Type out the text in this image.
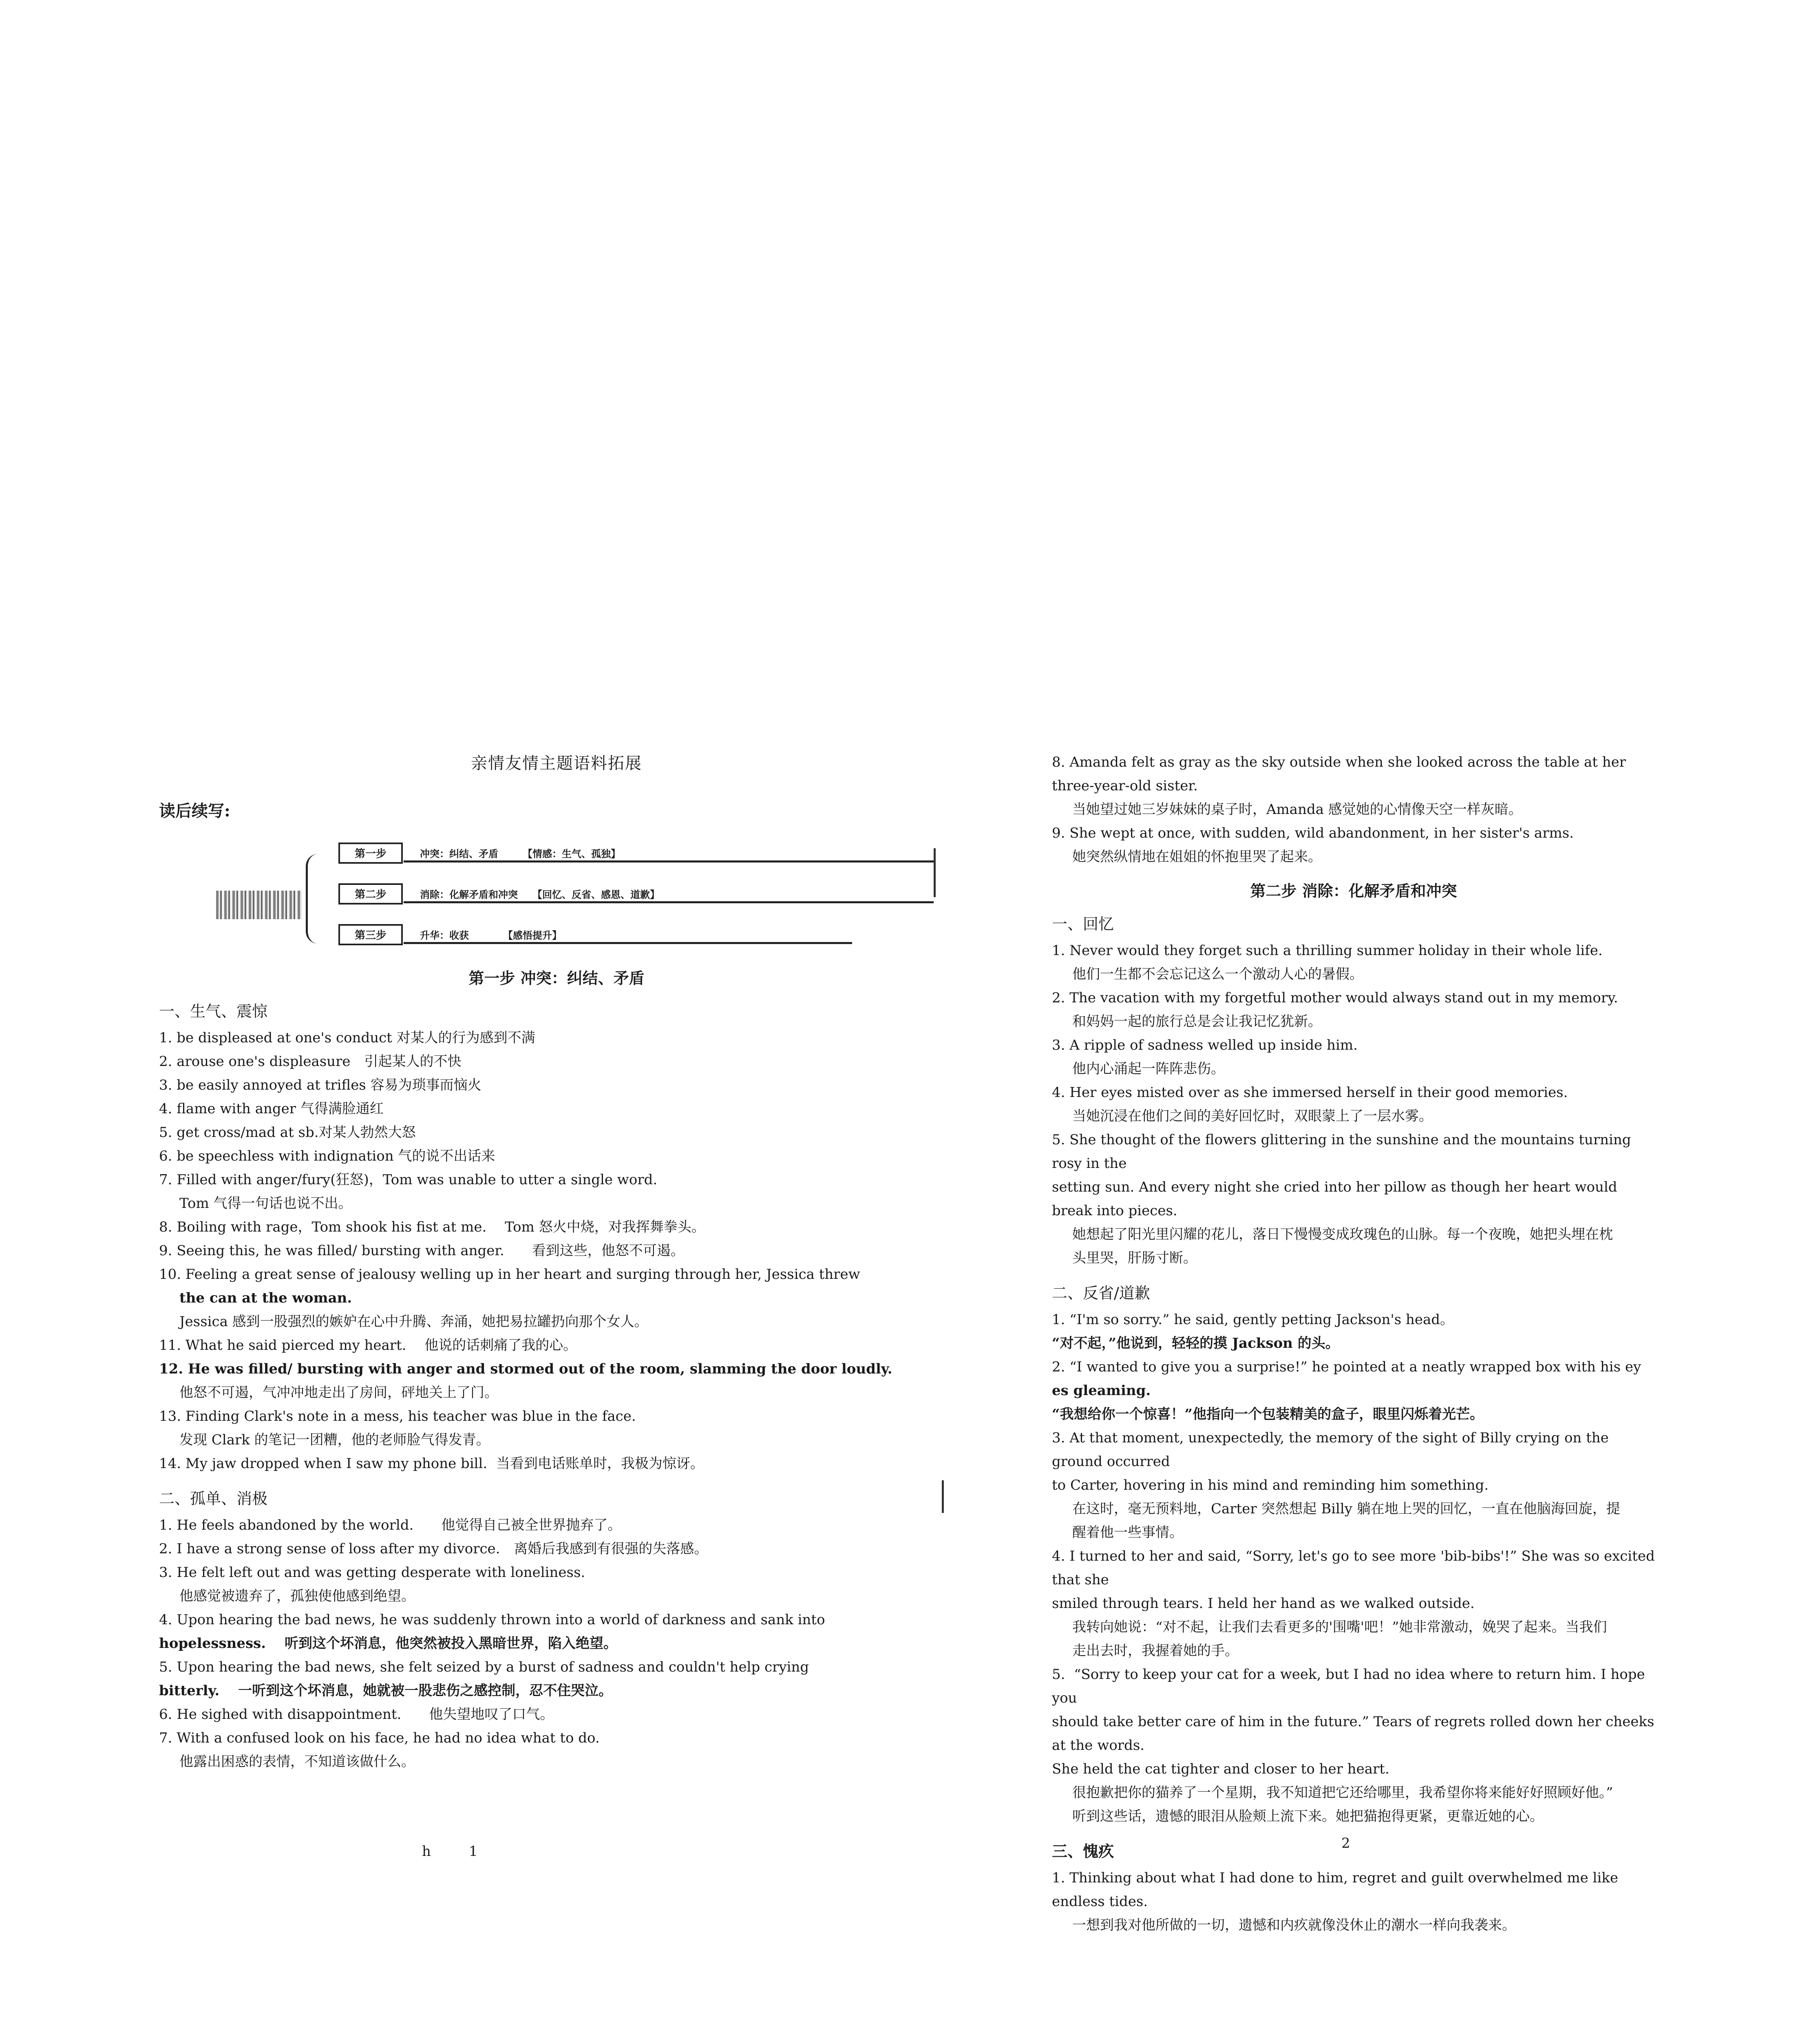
亲情友情主题语料拓展
读后续写:
第一步	冲突：纠结、矛盾　　　【情感：生气、孤独】
第二步	消除：化解矛盾和冲突　　【回忆、反省、感恩、道歉】
第三步	升华：收获　　　　【感悟提升】
第一步 冲突：纠结、矛盾
一、生气、震惊

1. be displeased at one's conduct 对某人的行为感到不满

2. arouse one's displeasure　引起某人的不快

3. be easily annoyed at trifles 容易为琐事而恼火

4. flame with anger 气得满脸通红

5. get cross/mad at sb.对某人勃然大怒

6. be speechless with indignation 气的说不出话来

7. Filled with anger/fury(狂怒)，Tom was unable to utter a single word.

Tom 气得一句话也说不出。

8. Boiling with rage，Tom shook his fist at me.　 Tom 怒火中烧，对我挥舞拳头。

9. Seeing this, he was filled/ bursting with anger.　　看到这些，他怒不可遏。

10. Feeling a great sense of jealousy welling up in her heart and surging through her, Jessica threw

the can at the woman.

Jessica 感到一股强烈的嫉妒在心中升腾、奔涌，她把易拉罐扔向那个女人。

11. What he said pierced my heart.　 他说的话刺痛了我的心。

12. He was filled/ bursting with anger and stormed out of the room, slamming the door loudly.

他怒不可遏，气冲冲地走出了房间，砰地关上了门。

13. Finding Clark's note in a mess, his teacher was blue in the face.

发现 Clark 的笔记一团糟，他的老师脸气得发青。

14. My jaw dropped when I saw my phone bill.  当看到电话账单时，我极为惊讶。

二、孤单、消极

1. He feels abandoned by the world.　　他觉得自己被全世界抛弃了。

2. I have a strong sense of loss after my divorce.　离婚后我感到有很强的失落感。

3. He felt left out and was getting desperate with loneliness.

他感觉被遗弃了，孤独使他感到绝望。

4. Upon hearing the bad news, he was suddenly thrown into a world of darkness and sank into

hopelessness.　 听到这个坏消息，他突然被投入黑暗世界，陷入绝望。

5. Upon hearing the bad news, she felt seized by a burst of sadness and couldn't help crying

bitterly.　 一听到这个坏消息，她就被一股悲伤之感控制，忍不住哭泣。

6. He sighed with disappointment.　　他失望地叹了口气。

7. With a confused look on his face, he had no idea what to do.

他露出困惑的表情，不知道该做什么。

h	1

8. Amanda felt as gray as the sky outside when she looked across the table at her

three-year-old sister.

当她望过她三岁妹妹的桌子时，Amanda 感觉她的心情像天空一样灰暗。

9. She wept at once, with sudden, wild abandonment, in her sister's arms.

她突然纵情地在姐姐的怀抱里哭了起来。

第二步 消除：化解矛盾和冲突
一、回忆

1. Never would they forget such a thrilling summer holiday in their whole life.

他们一生都不会忘记这么一个激动人心的暑假。

2. The vacation with my forgetful mother would always stand out in my memory.

和妈妈一起的旅行总是会让我记忆犹新。

3. A ripple of sadness welled up inside him.

他内心涌起一阵阵悲伤。

4. Her eyes misted over as she immersed herself in their good memories.

当她沉浸在他们之间的美好回忆时，双眼蒙上了一层水雾。

5. She thought of the flowers glittering in the sunshine and the mountains turning rosy in the

setting sun. And every night she cried into her pillow as though her heart would break into pieces.

她想起了阳光里闪耀的花儿，落日下慢慢变成玫瑰色的山脉。每一个夜晚，她把头埋在枕

头里哭，肝肠寸断。

二、反省/道歉

1. “I'm so sorry.” he said, gently petting Jackson's head。

“对不起，”他说到，轻轻的摸 Jackson 的头。

2. “I wanted to give you a surprise!” he pointed at a neatly wrapped box with his ey

es gleaming.

“我想给你一个惊喜！”他指向一个包装精美的盒子，眼里闪烁着光芒。

3. At that moment, unexpectedly, the memory of the sight of Billy crying on the ground occurred

to Carter, hovering in his mind and reminding him something.

在这时，毫无预料地，Carter 突然想起 Billy 躺在地上哭的回忆，一直在他脑海回旋，提

醒着他一些事情。

4. I turned to her and said, “Sorry, let's go to see more 'bib-bibs'!” She was so excited that she

smiled through tears. I held her hand as we walked outside.

我转向她说：“对不起，让我们去看更多的'围嘴'吧！”她非常激动，娩哭了起来。当我们

走出去时，我握着她的手。

5.  “Sorry to keep your cat for a week, but I had no idea where to return him. I hope you

should take better care of him in the future.” Tears of regrets rolled down her cheeks at the words.

She held the cat tighter and closer to her heart.

很抱歉把你的猫养了一个星期，我不知道把它还给哪里，我希望你将来能好好照顾好他。”

听到这些话，遗憾的眼泪从脸颊上流下来。她把猫抱得更紧，更靠近她的心。

三、愧疚

1. Thinking about what I had done to him, regret and guilt overwhelmed me like endless tides.

一想到我对他所做的一切，遗憾和内疚就像没休止的潮水一样向我袭来。

2
